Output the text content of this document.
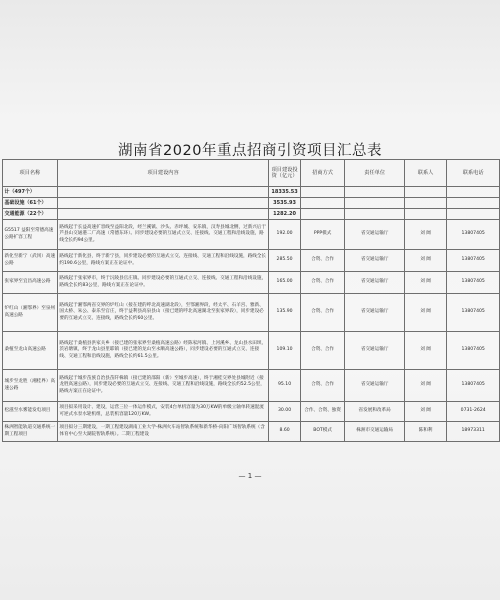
湖南省2020年重点招商引资项目汇总表
项目名称	项目建设内容	项目建设投资（亿元）	招商方式	责任单位	联系人	联系电话
计（497个）		18335.53				
基础设施（61个）		3535.93				
交通能源（22个）		1282.20				
G5517 益阳至常德高速公路扩容工程	路线起于长益高速扩容线至益阳北段，经兰溪镇、沙头、赤坪城、安乐镇，汉寿县城北侧，过新兴后于芦县山交通港二广高速（常德东环）。同步建设必要的互通式立交、连接线、交通工程和沿线设施，路线全长约94公里。	192.00	PPP模式	省交通运输厅	刘 阔	13807405
新化至新宁（武冈）高速公路	路线起于新化县，终于新宁县，同步建设必要的互通式立交、连接线、交通工程和沿线设施，路线全长约190.6公里，路线方案正在论证中。	285.50	合资、合作	省交通运输厅	刘 阔	13807405
张家界至宜昌高速公路	路线起于张家界市，终于沅陵县官庄镇。同步建设必要的互通式立交、连接线、交通工程和沿线设施，路线全长约83公里，路线方案正在论证中。	165.00	合资、合作	省交通运输厅	刘 阔	13807405
炉红山（湘鄂界）至泉州高速公路	路线起于湘鄂两省交界的炉红山（接在建的呼北高速湖北段），至鄂湘界段，经太平、石羊宫、雅新、国太桥、朱公、泰乐至官庄，终于益利县高泉县山（接已建的呼北高速湖北至张家界段），同步建设必要的互通式立交、连接线，路线全长约60公里。	135.90	合资、合作	省交通运输厅	刘 阔	13807405
桑植至龙山高速公路	路线起于桑植县洪家关乡（接已建的张家界至桑植高速公路）经陈家河镇、上河溪乡、龙山县水田坝、茨岩塘镇，终于龙山县里耶镇（接已建的龙山至永顺高速公路），同步建设必要的互通式立交、连接线、交通工程和沿线设施，路线全长约61.5公里。	109.10	合资、合作	省交通运输厅	刘 阔	13807405
城步至龙胜（湘桂界）高速公路	路线起于城步苗族自治县苗阡株镇（接已建的邵阳（新）至城步高速），终于湘桂交界处县城附近（接龙胜高速公路），同步建设必要的互通式立交、连接线、交通工程和沿线设施，路线全长约52.5公里，路线方案正在论证中。	95.10	合资、合作	省交通运输厅	刘 阔	13807405
松滋至水雾能发电项目	项目拟采用设计、建设，运营三位一体运作模式，安装4台单机容量为30万KW的单级立轴单转速混流可逆式水泵水轮机组，总装机容量120万KW。	30.00	合作、合资、独资	省发展和改革局	刘 阔	0731-2624
株洲智能轨道交通系统一期工程项目	项目拟分三期建设，一期工程建设湖南工业大学-株洲火车站智轨系统和新华桥-向阳广场智轨系统（含体育中心至大湖院智轨系统）。二期工程建设	8.60	BOT模式	株洲市交通运输局	陈和利	18973311
— 1 —
